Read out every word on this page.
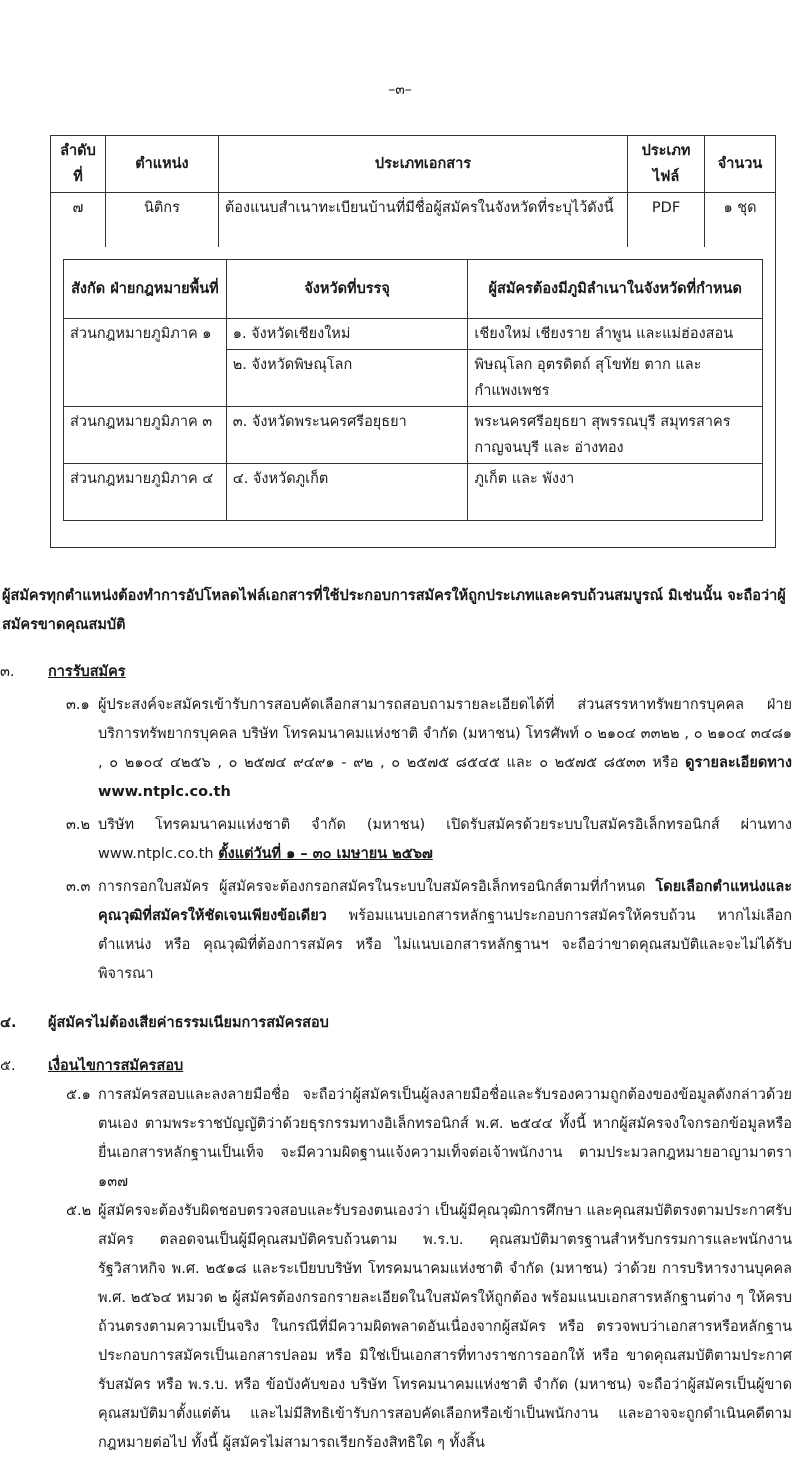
–๓–
ลำดับ ที่	ตำแหน่ง	ประเภทเอกสาร	ประเภท ไฟล์	จำนวน
๗	นิติกร	ต้องแนบสำเนาทะเบียนบ้านที่มีชื่อผู้สมัครในจังหวัดที่ระบุไว้ดังนี้	PDF	๑ ชุด
สังกัด ฝ่ายกฎหมายพื้นที่	จังหวัดที่บรรจุ	ผู้สมัครต้องมีภูมิลำเนาในจังหวัดที่กำหนด
ส่วนกฎหมายภูมิภาค ๑	๑. จังหวัดเชียงใหม่	เชียงใหม่ เชียงราย ลำพูน และแม่ฮ่องสอน
	๒. จังหวัดพิษณุโลก	พิษณุโลก อุตรดิตถ์ สุโขทัย ตาก และ กำแพงเพชร
ส่วนกฎหมายภูมิภาค ๓	๓. จังหวัดพระนครศรีอยุธยา	พระนครศรีอยุธยา สุพรรณบุรี สมุทรสาคร กาญจนบุรี และ อ่างทอง
ส่วนกฎหมายภูมิภาค ๔	๔. จังหวัดภูเก็ต	ภูเก็ต และ พังงา
ผู้สมัครทุกตำแหน่งต้องทำการอัปโหลดไฟล์เอกสารที่ใช้ประกอบการสมัครให้ถูกประเภทและครบถ้วนสมบูรณ์ มิเช่นนั้น จะถือว่าผู้สมัครขาดคุณสมบัติ
๓. การรับสมัคร
๓.๑ ผู้ประสงค์จะสมัครเข้ารับการสอบคัดเลือกสามารถสอบถามรายละเอียดได้ที่ ส่วนสรรหาทรัพยากรบุคคล ฝ่ายบริการทรัพยากรบุคคล บริษัท โทรคมนาคมแห่งชาติ จำกัด (มหาชน) โทรศัพท์ ๐ ๒๑๐๔ ๓๓๒๒ , ๐ ๒๑๐๔ ๓๔๘๑ , ๐ ๒๑๐๔ ๔๒๕๖ , ๐ ๒๕๗๔ ๙๔๙๑ - ๙๒ , ๐ ๒๕๗๕ ๘๕๔๕ และ ๐ ๒๕๗๕ ๘๕๓๓ หรือ ดูรายละเอียดทาง www.ntplc.co.th
๓.๒ บริษัท โทรคมนาคมแห่งชาติ จำกัด (มหาชน) เปิดรับสมัครด้วยระบบใบสมัครอิเล็กทรอนิกส์ ผ่านทาง www.ntplc.co.th ตั้งแต่วันที่ ๑ – ๓๐ เมษายน ๒๕๖๗
๓.๓ การกรอกใบสมัคร ผู้สมัครจะต้องกรอกสมัครในระบบใบสมัครอิเล็กทรอนิกส์ตามที่กำหนด โดยเลือกตำแหน่งและคุณวุฒิที่สมัครให้ชัดเจนเพียงข้อเดียว พร้อมแนบเอกสารหลักฐานประกอบการสมัครให้ครบถ้วน หากไม่เลือกตำแหน่ง หรือ คุณวุฒิที่ต้องการสมัคร หรือ ไม่แนบเอกสารหลักฐานฯ จะถือว่าขาดคุณสมบัติและจะไม่ได้รับพิจารณา
๔. ผู้สมัครไม่ต้องเสียค่าธรรมเนียมการสมัครสอบ
๕. เงื่อนไขการสมัครสอบ
๕.๑ การสมัครสอบและลงลายมือชื่อ จะถือว่าผู้สมัครเป็นผู้ลงลายมือชื่อและรับรองความถูกต้องของข้อมูลดังกล่าวด้วยตนเอง ตามพระราชบัญญัติว่าด้วยธุรกรรมทางอิเล็กทรอนิกส์ พ.ศ. ๒๕๔๔ ทั้งนี้ หากผู้สมัครจงใจกรอกข้อมูลหรือยื่นเอกสารหลักฐานเป็นเท็จ จะมีความผิดฐานแจ้งความเท็จต่อเจ้าพนักงาน ตามประมวลกฎหมายอาญามาตรา ๑๓๗
๕.๒ ผู้สมัครจะต้องรับผิดชอบตรวจสอบและรับรองตนเองว่า เป็นผู้มีคุณวุฒิการศึกษา และคุณสมบัติตรงตามประกาศรับสมัคร ตลอดจนเป็นผู้มีคุณสมบัติครบถ้วนตาม พ.ร.บ. คุณสมบัติมาตรฐานสำหรับกรรมการและพนักงานรัฐวิสาหกิจ พ.ศ. ๒๕๑๘ และระเบียบบริษัท โทรคมนาคมแห่งชาติ จำกัด (มหาชน) ว่าด้วย การบริหารงานบุคคล พ.ศ. ๒๕๖๔ หมวด ๒ ผู้สมัครต้องกรอกรายละเอียดในใบสมัครให้ถูกต้อง พร้อมแนบเอกสารหลักฐานต่าง ๆ ให้ครบถ้วนตรงตามความเป็นจริง ในกรณีที่มีความผิดพลาดอันเนื่องจากผู้สมัคร หรือ ตรวจพบว่าเอกสารหรือหลักฐานประกอบการสมัครเป็นเอกสารปลอม หรือ มิใช่เป็นเอกสารที่ทางราชการออกให้ หรือ ขาดคุณสมบัติตามประกาศรับสมัคร หรือ พ.ร.บ. หรือ ข้อบังคับของ บริษัท โทรคมนาคมแห่งชาติ จำกัด (มหาชน) จะถือว่าผู้สมัครเป็นผู้ขาดคุณสมบัติมาตั้งแต่ต้น และไม่มีสิทธิเข้ารับการสอบคัดเลือกหรือเข้าเป็นพนักงาน และอาจจะถูกดำเนินคดีตามกฎหมายต่อไป ทั้งนี้ ผู้สมัครไม่สามารถเรียกร้องสิทธิใด ๆ ทั้งสิ้น
